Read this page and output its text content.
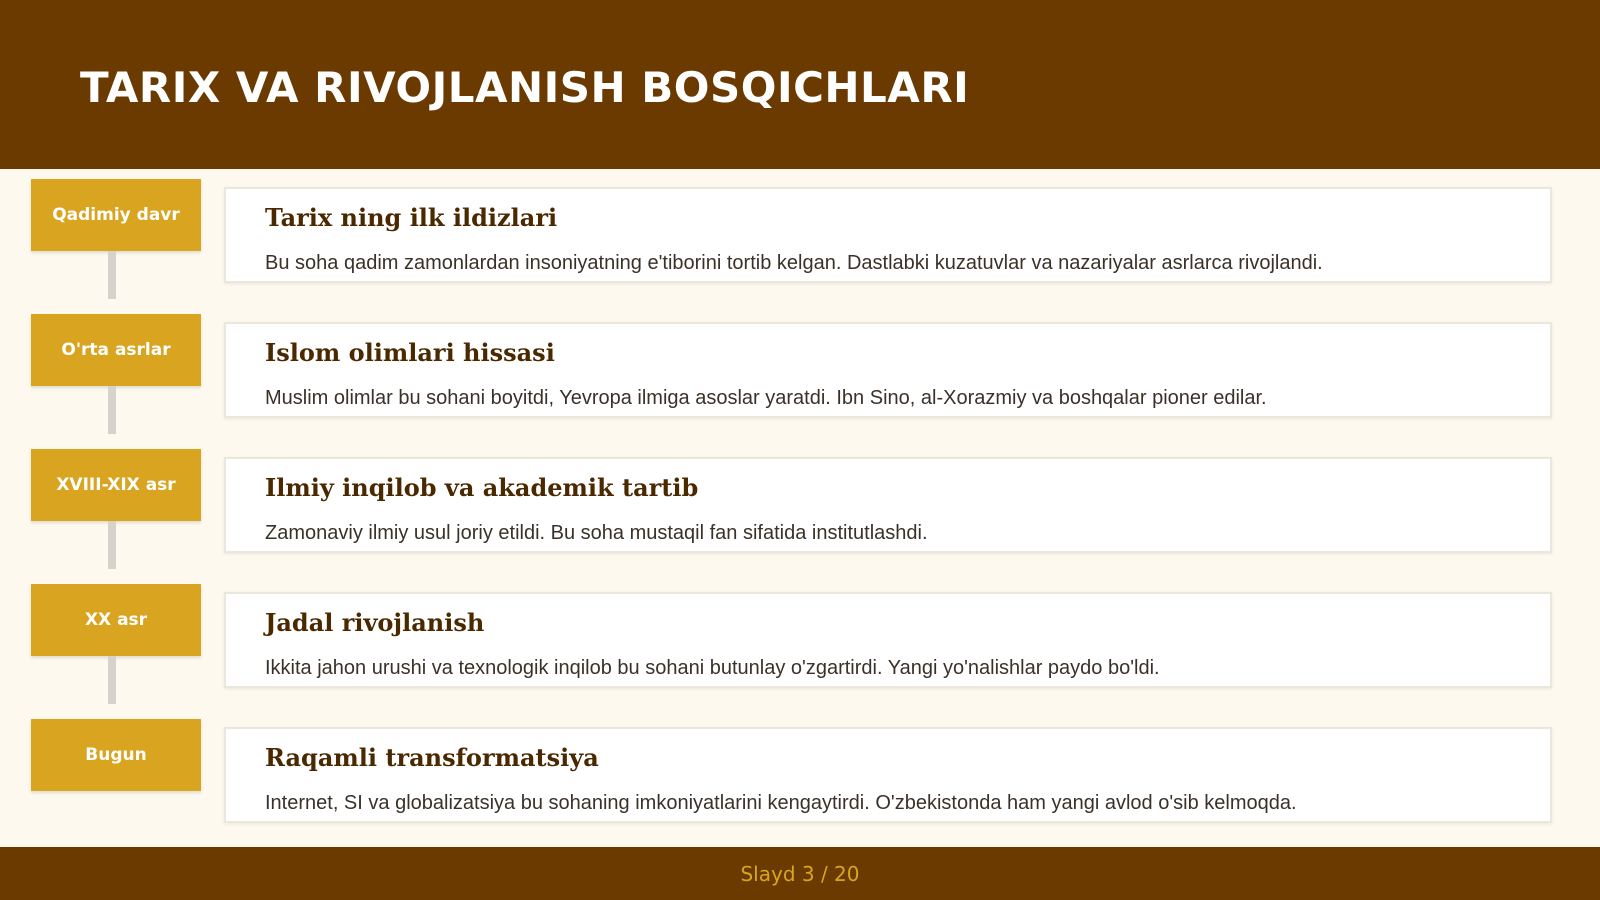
TARIX VA RIVOJLANISH BOSQICHLARI
Qadimiy davr	Tarix ning ilk ildizlari

Bu soha qadim zamonlardan insoniyatning e'tiborini tortib kelgan. Dastlabki kuzatuvlar va nazariyalar asrlarca rivojlandi.

O'rta asrlar	Islom olimlari hissasi

Muslim olimlar bu sohani boyitdi, Yevropa ilmiga asoslar yaratdi. Ibn Sino, al-Xorazmiy va boshqalar pioner edilar.

XVIII-XIX asr	Ilmiy inqilob va akademik tartib

Zamonaviy ilmiy usul joriy etildi. Bu soha mustaqil fan sifatida institutlashdi.

XX asr	Jadal rivojlanish

Ikkita jahon urushi va texnologik inqilob bu sohani butunlay o'zgartirdi. Yangi yo'nalishlar paydo bo'ldi.

Bugun	Raqamli transformatsiya

Internet, SI va globalizatsiya bu sohaning imkoniyatlarini kengaytirdi. O'zbekistonda ham yangi avlod o'sib kelmoqda.

Slayd 3 / 20
